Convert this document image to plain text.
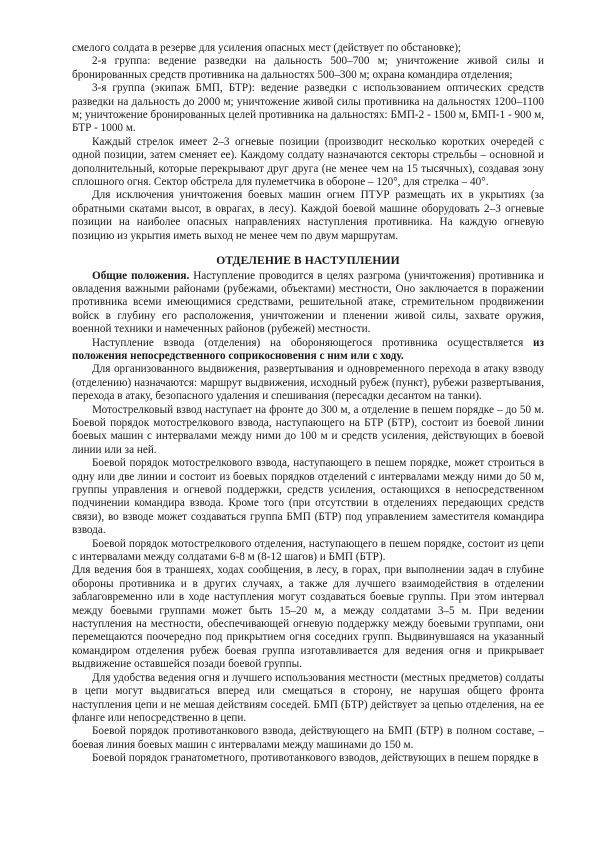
смелого солдата в резерве для усиления опасных мест (действует по обстановке);

2-я группа: ведение разведки на дальность 500–700 м; уничтожение живой силы и бронированных средств противника на дальностях 500–300 м; охрана командира отделения;

3-я группа (экипаж БМП, БТР): ведение разведки с использованием оптических средств разведки на дальность до 2000 м; уничтожение живой силы противника на дальностях 1200–1100 м; уничтожение бронированных целей противника на дальностях: БМП-2 - 1500 м, БМП-1 - 900 м, БТР - 1000 м.

Каждый стрелок имеет 2–3 огневые позиции (производит несколько коротких очередей с одной позиции, затем сменяет ее). Каждому солдату назначаются секторы стрельбы – основной и дополнительный, которые перекрывают друг друга (не менее чем на 15 тысячных), создавая зону сплошного огня. Сектор обстрела для пулеметчика в обороне – 120°, для стрелка – 40°.

Для исключения уничтожения боевых машин огнем ПТУР размещать их в укрытиях (за обратными скатами высот, в оврагах, в лесу). Каждой боевой машине оборудовать 2–3 огневые позиции на наиболее опасных направлениях наступления противника. На каждую огневую позицию из укрытия иметь выход не менее чем по двум маршрутам.

ОТДЕЛЕНИЕ В НАСТУПЛЕНИИ

Общие положения. Наступление проводится в целях разгрома (уничтожения) противника и овладения важными районами (рубежами, объектами) местности, Оно заключается в поражении противника всеми имеющимися средствами, решительной атаке, стремительном продвижении войск в глубину его расположения, уничтожении и пленении живой силы, захвате оружия, военной техники и намеченных районов (рубежей) местности.

Наступление взвода (отделения) на обороняющегося противника осуществляется из положения непосредственного соприкосновения с ним или с ходу.

Для организованного выдвижения, развертывания и одновременного перехода в атаку взводу (отделению) назначаются: маршрут выдвижения, исходный рубеж (пункт), рубежи развертывания, перехода в атаку, безопасного удаления и спешивания (пересадки десантом на танки).

Мотострелковый взвод наступает на фронте до 300 м, а отделение в пешем порядке – до 50 м. Боевой порядок мотострелкового взвода, наступающего на БТР (БТР), состоит из боевой линии боевых машин с интервалами между ними до 100 м и средств усиления, действующих в боевой линии или за ней.

Боевой порядок мотострелкового взвода, наступающего в пешем порядке, может строиться в одну или две линии и состоит из боевых порядков отделений с интервалами между ними до 50 м, группы управления и огневой поддержки, средств усиления, остающихся в непосредственном подчинении командира взвода. Кроме того (при отсутствии в отделениях передающих средств связи), во взводе может создаваться группа БМП (БТР) под управлением заместителя командира взвода.

Боевой порядок мотострелкового отделения, наступающего в пешем порядке, состоит из цепи с интервалами между солдатами 6-8 м (8-12 шагов) и БМП (БТР).

Для ведения боя в траншеях, ходах сообщения, в лесу, в горах, при выполнении задач в глубине обороны противника и в других случаях, а также для лучшего взаимодействия в отделении заблаговременно или в ходе наступления могут создаваться боевые группы. При этом интервал между боевыми группами может быть 15–20 м, а между солдатами 3–5 м. При ведении наступления на местности, обеспечивающей огневую поддержку между боевыми группами, они перемещаются поочередно под прикрытием огня соседних групп. Выдвинувшаяся на указанный командиром отделения рубеж боевая группа изготавливается для ведения огня и прикрывает выдвижение оставшейся позади боевой группы.

Для удобства ведения огня и лучшего использования местности (местных предметов) солдаты в цепи могут выдвигаться вперед или смещаться в сторону, не нарушая общего фронта наступления цепи и не мешая действиям соседей. БМП (БТР) действует за цепью отделения, на ее фланге или непосредственно в цепи.

Боевой порядок противотанкового взвода, действующего на БМП (БТР) в полном составе, – боевая линия боевых машин с интервалами между машинами до 150 м.

Боевой порядок гранатометного, противотанкового взводов, действующих в пешем порядке в
